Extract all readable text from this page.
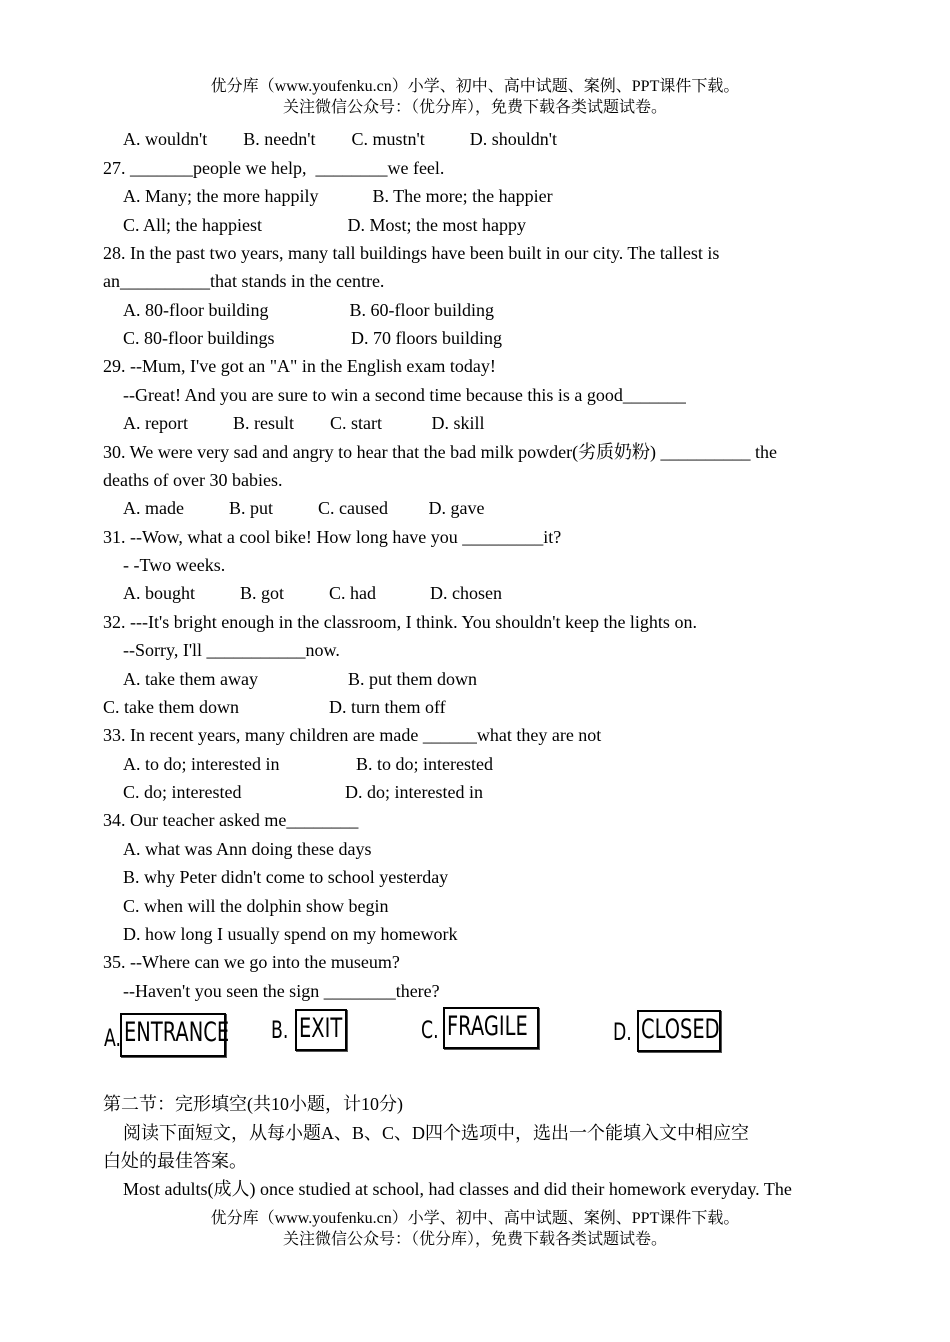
优分库（www.youfenku.cn）小学、初中、高中试题、案例、PPT课件下载。
关注微信公众号：（优分库），免费下载各类试题试卷。
A. wouldn't        B. needn't        C. mustn't          D. shouldn't
27. _______people we help,  ________we feel.
A. Many; the more happily            B. The more; the happier
C. All; the happiest                   D. Most; the most happy
28. In the past two years, many tall buildings have been built in our city. The tallest is
an__________that stands in the centre.
A. 80-floor building                  B. 60-floor building
C. 80-floor buildings                 D. 70 floors building
29. --Mum, I've got an "A" in the English exam today!
--Great! And you are sure to win a second time because this is a good_______
A. report          B. result        C. start           D. skill
30. We were very sad and angry to hear that the bad milk powder(劣质奶粉) __________ the
deaths of over 30 babies.
A. made          B. put          C. caused         D. gave
31. --Wow, what a cool bike! How long have you _________it?
- -Two weeks.
A. bought          B. got          C. had            D. chosen
32. ---It's bright enough in the classroom, I think. You shouldn't keep the lights on.
--Sorry, I'll ___________now.
A. take them away                    B. put them down
C. take them down                    D. turn them off
33. In recent years, many children are made ______what they are not
A. to do; interested in                 B. to do; interested
C. do; interested                       D. do; interested in
34. Our teacher asked me________
A. what was Ann doing these days
B. why Peter didn't come to school yesterday
C. when will the dolphin show begin
D. how long I usually spend on my homework
35. --Where can we go into the museum?
--Haven't you seen the sign ________there?
A. ENTRANCE B. EXIT	C. FRAGILE	D. CLOSED
第二节：完形填空(共10小题，计10分)
阅读下面短文，从每小题A、B、C、D四个选项中，选出一个能填入文中相应空
白处的最佳答案。
Most adults(成人) once studied at school, had classes and did their homework everyday. The
优分库（www.youfenku.cn）小学、初中、高中试题、案例、PPT课件下载。
关注微信公众号：（优分库），免费下载各类试题试卷。
